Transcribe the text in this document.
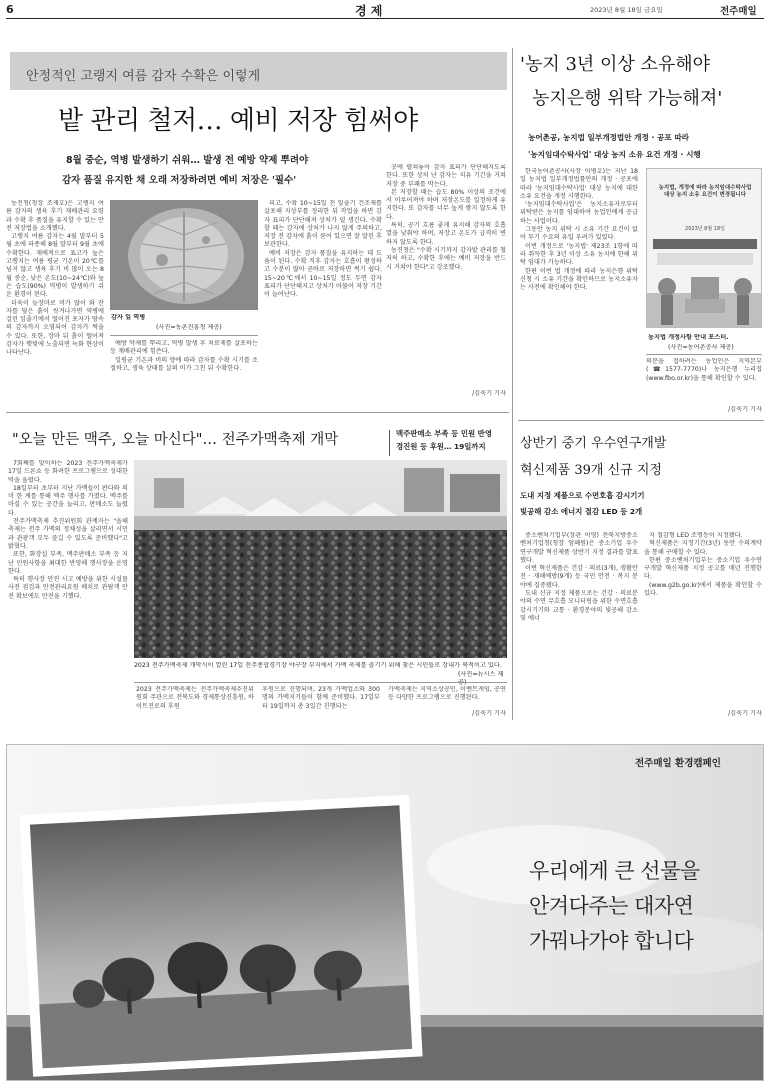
6	경 제	2023년 8월 18일 금요일	전주매일
안정적인 고랭지 여름 감자 수확은 이렇게
밭 관리 철저… 예비 저장 힘써야
8월 중순, 역병 발생하기 쉬워… 발생 전 예방 약제 뿌려야
감자 품질 유지한 채 오래 저장하려면 예비 저장은 '필수'

농진청(청장 조재호)은 고랭지 여름 감자의 생육 후기 재배관리 요령과 수확 후 품질을 유지할 수 있는 안전 저장법을 소개했다.

고랭지 여름 감자는 4월 말부터 5월 초에 파종해 8월 말부터 9월 초에 수확한다. 재배적으로 표고가 높은 고랭지는 여름 평균 기온이 20℃를 넘지 않고 생육 후기 비 많이 오는 8월 중순, 낮은 온도(10~24℃)와 높은 습도(90%) 역병이 발생하기 쉬운 환경이 된다.

더욱이 늦장마로 비가 많이 와 잔자를 덮은 흙이 씻겨나가면 역병에 걸린 잎줄기에서 떨어진 포자가 땅속의 감자까지 오염되어 감자가 썩을 수 있다. 또한, 장마 뒤 흙이 떨어져 감자가 햇빛에 노출되면 녹화 현상이 나타난다.

감자 잎 역병
(사진=농촌진흥청 제공)

예방 약제를 뿌리고, 역병 발생 후 치료제를 살포하는 등 재배관리에 힘쓴다.

일평균 기온과 비의 양에 따라 감자를 수확 시기를 조절하고, 생육 상태를 살펴 비가 그친 뒤 수확한다.

피고, 수확 10~15일 전 잎줄기 건조제를 살포해 지상부를 정리한 뒤 작업을 하면 감자 표피가 단단해져 상처가 덜 생긴다. 수확할 때는 감자에 상처가 나지 않게 주의하고, 저장 전 감자에 흙이 묻어 있으면 잘 말린 후 보관한다.

예비 저장은 감자 품질을 유지하는 데 도움이 된다. 수확 직후 감자는 호흡이 왕성하고 수분이 많아 곧바로 저장하면 썩기 쉽다. 15~20℃에서 10~15일 정도 두면 감자 표피가 단단해지고 상처가 아물어 저장 기간이 늘어난다.

곳에 펼쳐놓아 감자 표피가 단단해지도록 한다. 또한 상처 난 감자는 치유 기간을 거쳐 저장 중 부패를 막는다.

본 저장할 때는 습도 80% 이상의 조건에서 이루어져야 하며 저장온도를 일정하게 유지한다. 또 감자를 너무 높게 쌓지 않도록 한다.

특히, 공기 흐름 좋게 유지해 감자의 호흡열을 낮춰야 하며, 저장고 온도가 급격히 변하지 않도록 한다.

농진청은 "수확 시기까지 감자밭 관리를 철저히 하고, 수확한 후에는 예비 저장을 반드시 거쳐야 한다"고 강조했다.

/김욱기 기자
'농지 3년 이상 소유해야
농지은행 위탁 가능해져'
농어촌공, 농지법 일부개정법안 개정 · 공포 따라
'농지임대수탁사업' 대상 농지 소유 요건 개정 · 시행

한국농어촌공사(사장 이병호)는 지난 18일 농지법 일부개정법률안의 개정 · 공포에 따라 '농지임대수탁사업' 대상 농지에 대한 소유 요건을 개정 시행한다.

'농지임대수탁사업'은 농지소유자로부터 위탁받은 농지를 임대하여 농업인에게 공급하는 사업이다.

그동안 농지 위탁 시 소유 기간 요건이 없어 투기 수요의 유입 우려가 있었다.

이번 개정으로 '농지법' 제23조 1항에 따라 취득한 후 3년 이상 소유 농지에 한해 위탁 임대가 가능하다.

한편 이번 법 개정에 따라 농지은행 위탁 신청 시 소유 기간을 확인하므로 농지소유자는 사전에 확인해야 한다.

농지법, 개정에 따라 농지임대수탁사업 대상 농지 소유 요건이 변경됩니다
2023년 8월 18일
농지법 개정사항 안내 포스터.
(사진=농어촌공사 제공)
의문을 접하려는 농업인은 지역본부 (☎1577-7770)나 농지은행 누리집(www.fbo.or.kr)을 통해 확인할 수 있다.
/김욱기 기자
"오늘 만든 맥주, 오늘 마신다"… 전주가맥축제 개막	맥주판매소 부족 등 민원 반영
경진원 등 후원… 19일까지

7회째를 맞이하는 2023 전주가맥축제가 17일 드론쇼 등 화려한 프로그램으로 성대한 막을 올렸다.

18일부터 초부터 지난 가맥들이 판다와 의미 한 계를 통해 맥주 행사를 가졌다. 맥주를 마실 수 있는 공간을 늘리고, 판매소도 늘렸다.

전주가맥축제 추진위원회 관계자는 "올해 축제는 전주 가맥의 정체성을 살리면서 시민과 관광객 모두 즐길 수 있도록 준비했다"고 밝혔다.

또한, 화장실 부족, 맥주판매소 부족 등 지난 민원사항을 최대한 반영해 행사장을 운영한다.

특히 행사장 안전 시고 예방을 위한 시설물 사전 점검과 안전관리요원 배치로 관람객 안전 확보에도 만전을 기했다.

2023 전주가맥축제 개막식이 열린 17일 전주종합경기장 야구장 부지에서 가맥 축제를 즐기기 위해 찾은 시민들로 장내가 북적이고 있다.
(사진=뉴시스 제공)
2023 전주가맥축제는 전주가맥축제추진위원회 주관으로 전북도와 경제통상진흥원, 하이트진로의 후원
후원으로 진행되며, 23개 가맥업소와 300명의 가맥지기들이 함께 준비했다. 17일부터 19일까지 총 3일간 진행되는
가맥축제는 지역소상공인, 이벤트게임, 공연 등 다양한 프로그램으로 진행된다.
/김욱기 기자
상반기 중기 우수연구개발
혁신제품 39개 신규 지정
도내 지정 제품으로 수면호흡 감시기기
빛공해 감소 에너지 절감 LED 등 2개

중소벤처기업부(장관 이영) 전북지방중소벤처기업청(청장 엄혜원)은 중소기업 우수연구개발 혁신제품 상반기 지정 결과를 발표했다.

이번 혁신제품은 건강 · 의료(3개), 생활안전 · 재해예방(9개) 등 국민 안전 · 복지 분야에 집중됐다.

도내 신규 지정 제품으로는 건강 · 의료분야의 수면 무호흡 모니터링을 위한 수면호흡 감시기기와 교통 · 환경분야의 빛공해 감소 및 에너

지 절감형 LED 조명등이 지정됐다.

혁신제품은 지정기간(3년) 동안 수의계약을 통해 구매할 수 있다.

한편 중소벤처기업부는 중소기업 우수연구개발 혁신제품 지정 공고를 매년 진행한다.

(www.g2b.go.kr)에서 제품을 확인할 수 있다.

/김욱기 기자
전주매일 환경캠페인
우리에게 큰 선물을
안겨다주는 대자연
가꿔나가야 합니다
